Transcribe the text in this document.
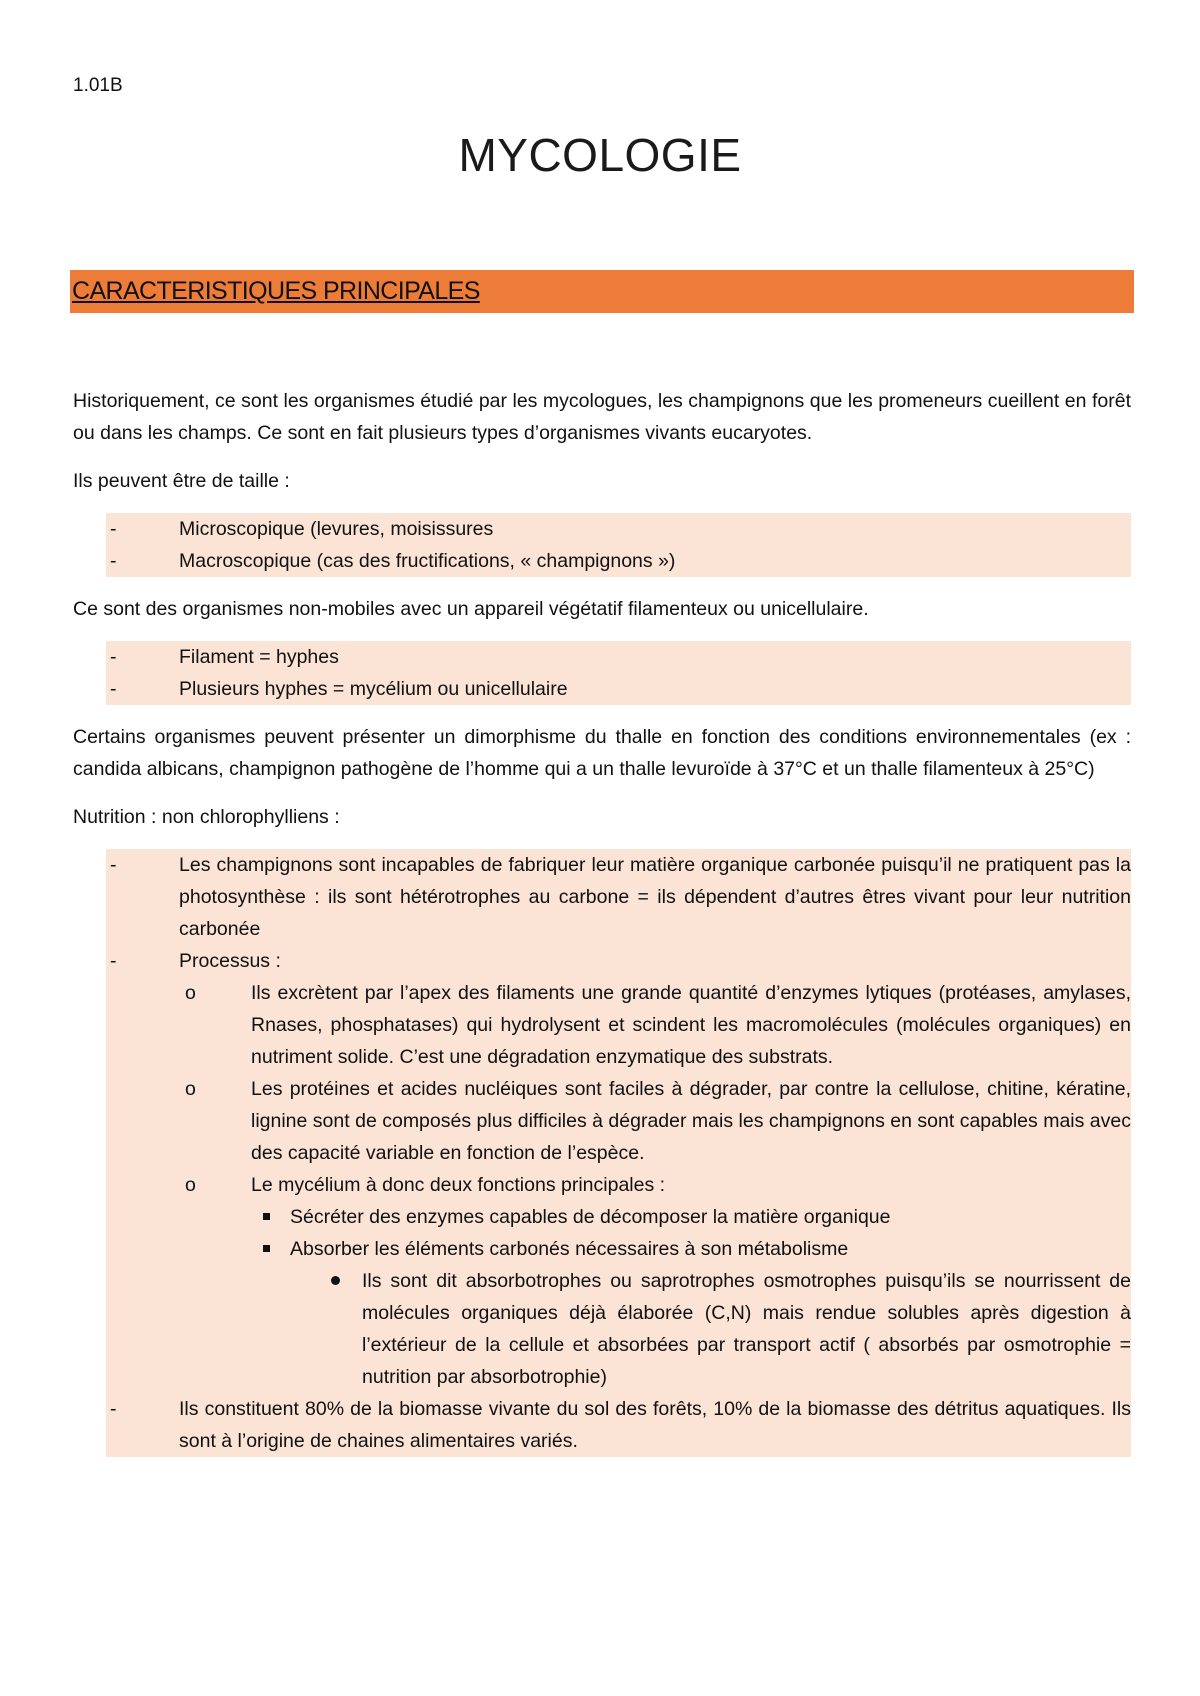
1.01B
MYCOLOGIE
CARACTERISTIQUES PRINCIPALES

Historiquement, ce sont les organismes étudié par les mycologues, les champignons que les promeneurs cueillent en forêt ou dans les champs. Ce sont en fait plusieurs types d’organismes vivants eucaryotes.

Ils peuvent être de taille :

-	Microscopique (levures, moisissures
-	Macroscopique (cas des fructifications, « champignons »)

Ce sont des organismes non-mobiles avec un appareil végétatif filamenteux ou unicellulaire.

-	Filament = hyphes
-	Plusieurs hyphes = mycélium ou unicellulaire

Certains organismes peuvent présenter un dimorphisme du thalle en fonction des conditions environnementales (ex : candida albicans, champignon pathogène de l’homme qui a un thalle levuroïde à 37°C et un thalle filamenteux à 25°C)

Nutrition : non chlorophylliens :

-	Les champignons sont incapables de fabriquer leur matière organique carbonée puisqu’il ne pratiquent pas la photosynthèse : ils sont hétérotrophes au carbone = ils dépendent d’autres êtres vivant pour leur nutrition carbonée
-	Processus :
o	Ils excrètent par l’apex des filaments une grande quantité d’enzymes lytiques (protéases, amylases, Rnases, phosphatases) qui hydrolysent et scindent les macromolécules (molécules organiques) en nutriment solide. C’est une dégradation enzymatique des substrats.
o	Les protéines et acides nucléiques sont faciles à dégrader, par contre la cellulose, chitine, kératine, lignine sont de composés plus difficiles à dégrader mais les champignons en sont capables mais avec des capacité variable en fonction de l’espèce.
o	Le mycélium à donc deux fonctions principales :
Sécréter des enzymes capables de décomposer la matière organique
Absorber les éléments carbonés nécessaires à son métabolisme
Ils sont dit absorbotrophes ou saprotrophes osmotrophes puisqu’ils se nourrissent de molécules organiques déjà élaborée (C,N) mais rendue solubles après digestion à l’extérieur de la cellule et absorbées par transport actif ( absorbés par osmotrophie = nutrition par absorbotrophie)
-	Ils constituent 80% de la biomasse vivante du sol des forêts, 10% de la biomasse des détritus aquatiques. Ils sont à l’origine de chaines alimentaires variés.
